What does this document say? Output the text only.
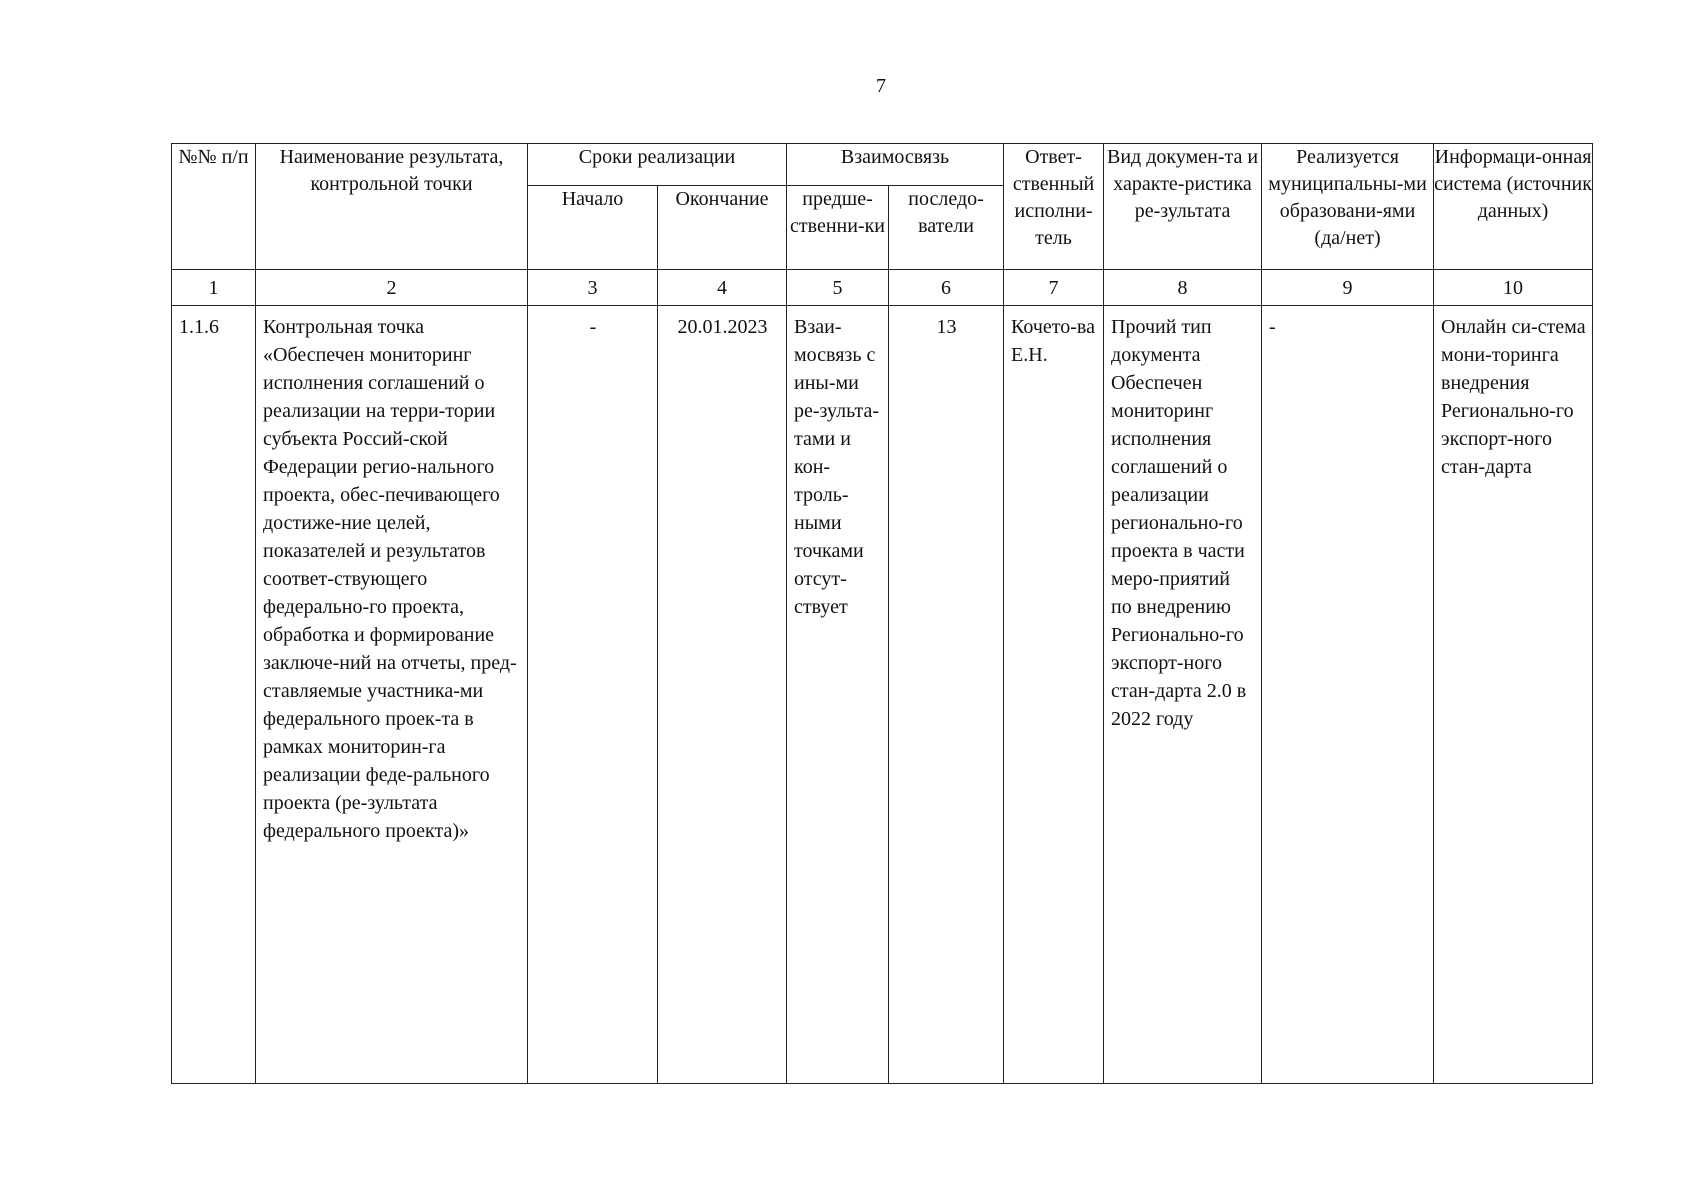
7
№№ п/п	Наименование результата, контрольной точки	Сроки реализации		Взаимосвязь		Ответ-ственный исполни-тель	Вид докумен-та и характе-ристика ре-зультата	Реализуется муниципальны-ми образовани-ями (да/нет)	Информаци-онная система (источник данных)
		Начало	Окончание	предше-ственни-ки	последо-ватели				
1	2	3	4	5	6	7	8	9	10
1.1.6	Контрольная точка «Обеспечен мониторинг исполнения соглашений о реализации на терри-тории субъекта Россий-ской Федерации регио-нального проекта, обес-печивающего достиже-ние целей, показателей и результатов соответ-ствующего федерально-го проекта, обработка и формирование заключе-ний на отчеты, пред-ставляемые участника-ми федерального проек-та в рамках мониторин-га реализации феде-рального проекта (ре-зультата федерального проекта)»	-	20.01.2023	Взаи-мосвязь с ины-ми ре-зульта-тами и кон-троль-ными точками отсут-ствует	13	Кочето-ва Е.Н.	Прочий тип документа Обеспечен мониторинг исполнения соглашений о реализации регионально-го проекта в части меро-приятий по внедрению Регионально-го экспорт-ного стан-дарта 2.0 в 2022 году	-	Онлайн си-стема мони-торинга внедрения Регионально-го экспорт-ного стан-дарта
